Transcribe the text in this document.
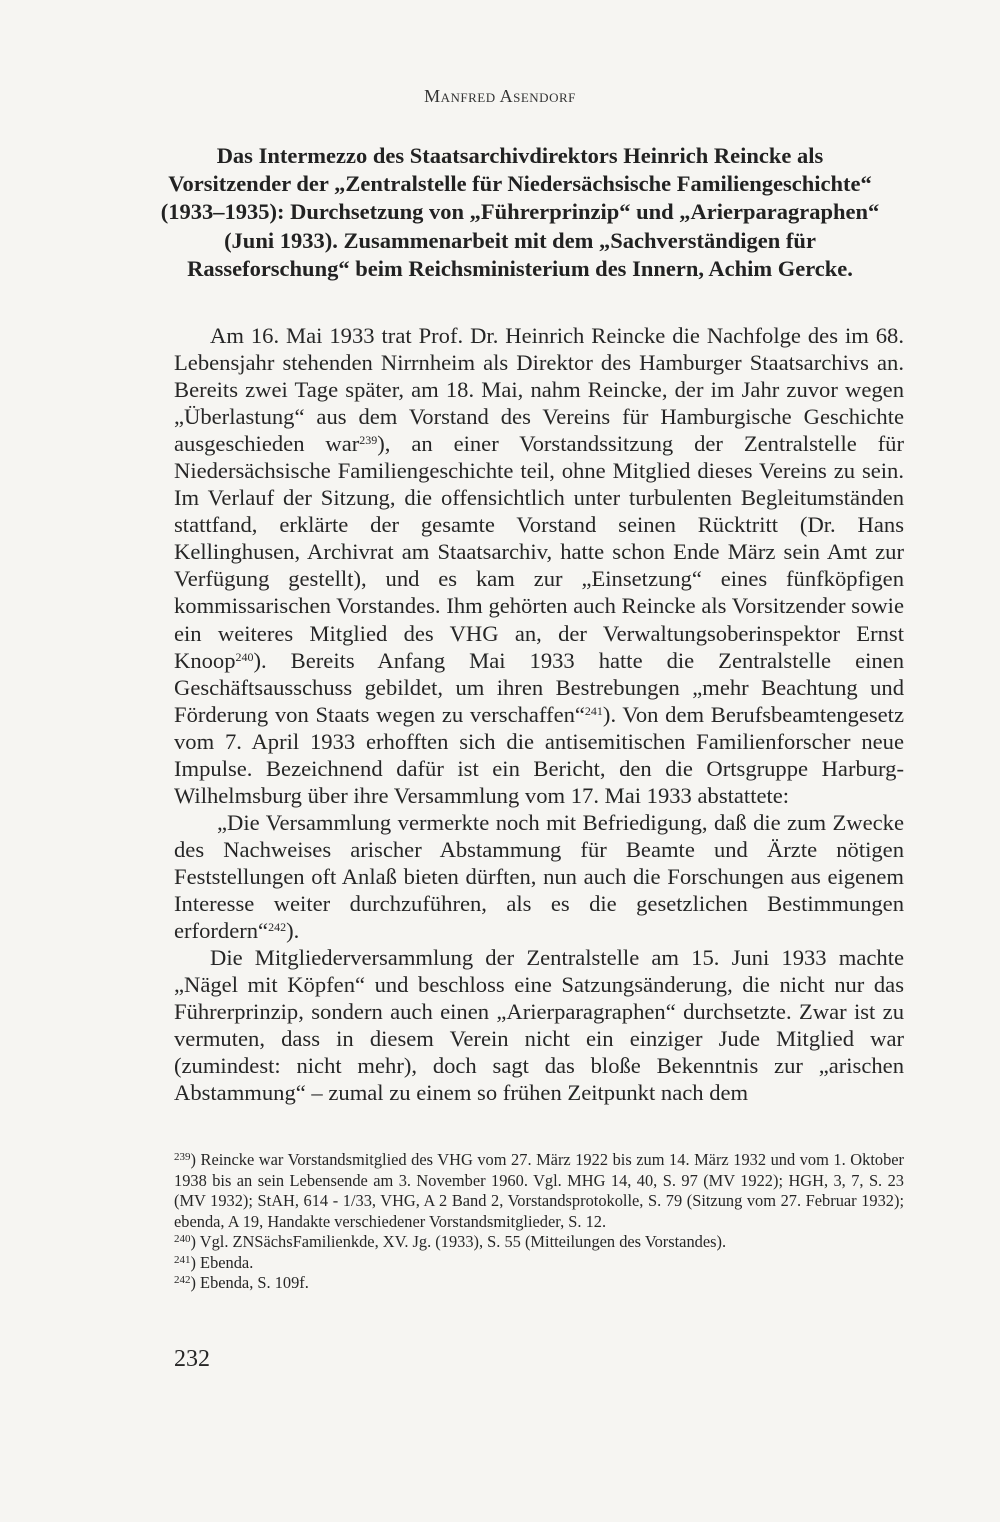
Manfred Asendorf
Das Intermezzo des Staatsarchivdirektors Heinrich Reincke als Vorsitzender der „Zentralstelle für Niedersächsische Familiengeschichte“ (1933–1935): Durchsetzung von „Führerprinzip“ und „Arierparagraphen“ (Juni 1933). Zusammenarbeit mit dem „Sachverständigen für Rasseforschung“ beim Reichsministerium des Innern, Achim Gercke.

Am 16. Mai 1933 trat Prof. Dr. Heinrich Reincke die Nachfolge des im 68. Lebensjahr stehenden Nirrnheim als Direktor des Hamburger Staatsarchivs an. Bereits zwei Tage später, am 18. Mai, nahm Reincke, der im Jahr zuvor wegen „Überlastung“ aus dem Vorstand des Vereins für Hamburgische Geschichte ausgeschieden war$^{239}$), an einer Vorstandssitzung der Zentralstelle für Niedersächsische Familiengeschichte teil, ohne Mitglied dieses Vereins zu sein. Im Verlauf der Sitzung, die offensichtlich unter turbulenten Begleitumständen stattfand, erklärte der gesamte Vorstand seinen Rücktritt (Dr. Hans Kellinghusen, Archivrat am Staatsarchiv, hatte schon Ende März sein Amt zur Verfügung gestellt), und es kam zur „Einsetzung“ eines fünfköpfigen kommissarischen Vorstandes. Ihm gehörten auch Reincke als Vorsitzender sowie ein weiteres Mitglied des VHG an, der Verwaltungsoberinspektor Ernst Knoop$^{240}$). Bereits Anfang Mai 1933 hatte die Zentralstelle einen Geschäftsausschuss gebildet, um ihren Bestrebungen „mehr Beachtung und Förderung von Staats wegen zu verschaffen“$^{241}$). Von dem Berufsbeamtengesetz vom 7. April 1933 erhofften sich die antisemitischen Familienforscher neue Impulse. Bezeichnend dafür ist ein Bericht, den die Ortsgruppe Harburg-Wilhelmsburg über ihre Versammlung vom 17. Mai 1933 abstattete:

„Die Versammlung vermerkte noch mit Befriedigung, daß die zum Zwecke des Nachweises arischer Abstammung für Beamte und Ärzte nötigen Feststellungen oft Anlaß bieten dürften, nun auch die Forschungen aus eigenem Interesse weiter durchzuführen, als es die gesetzlichen Bestimmungen erfordern“$^{242}$).

Die Mitgliederversammlung der Zentralstelle am 15. Juni 1933 machte „Nägel mit Köpfen“ und beschloss eine Satzungsänderung, die nicht nur das Führerprinzip, sondern auch einen „Arierparagraphen“ durchsetzte. Zwar ist zu vermuten, dass in diesem Verein nicht ein einziger Jude Mitglied war (zumindest: nicht mehr), doch sagt das bloße Bekenntnis zur „arischen Abstammung“ – zumal zu einem so frühen Zeitpunkt nach dem

$^{239}$) Reincke war Vorstandsmitglied des VHG vom 27. März 1922 bis zum 14. März 1932 und vom 1. Oktober 1938 bis an sein Lebensende am 3. November 1960. Vgl. MHG 14, 40, S. 97 (MV 1922); HGH, 3, 7, S. 23 (MV 1932); StAH, 614 - 1/33, VHG, A 2 Band 2, Vorstandsprotokolle, S. 79 (Sitzung vom 27. Februar 1932); ebenda, A 19, Handakte verschiedener Vorstandsmitglieder, S. 12.

$^{240}$) Vgl. ZNSächsFamilienkde, XV. Jg. (1933), S. 55 (Mitteilungen des Vorstandes).

$^{241}$) Ebenda.

$^{242}$) Ebenda, S. 109f.

232
